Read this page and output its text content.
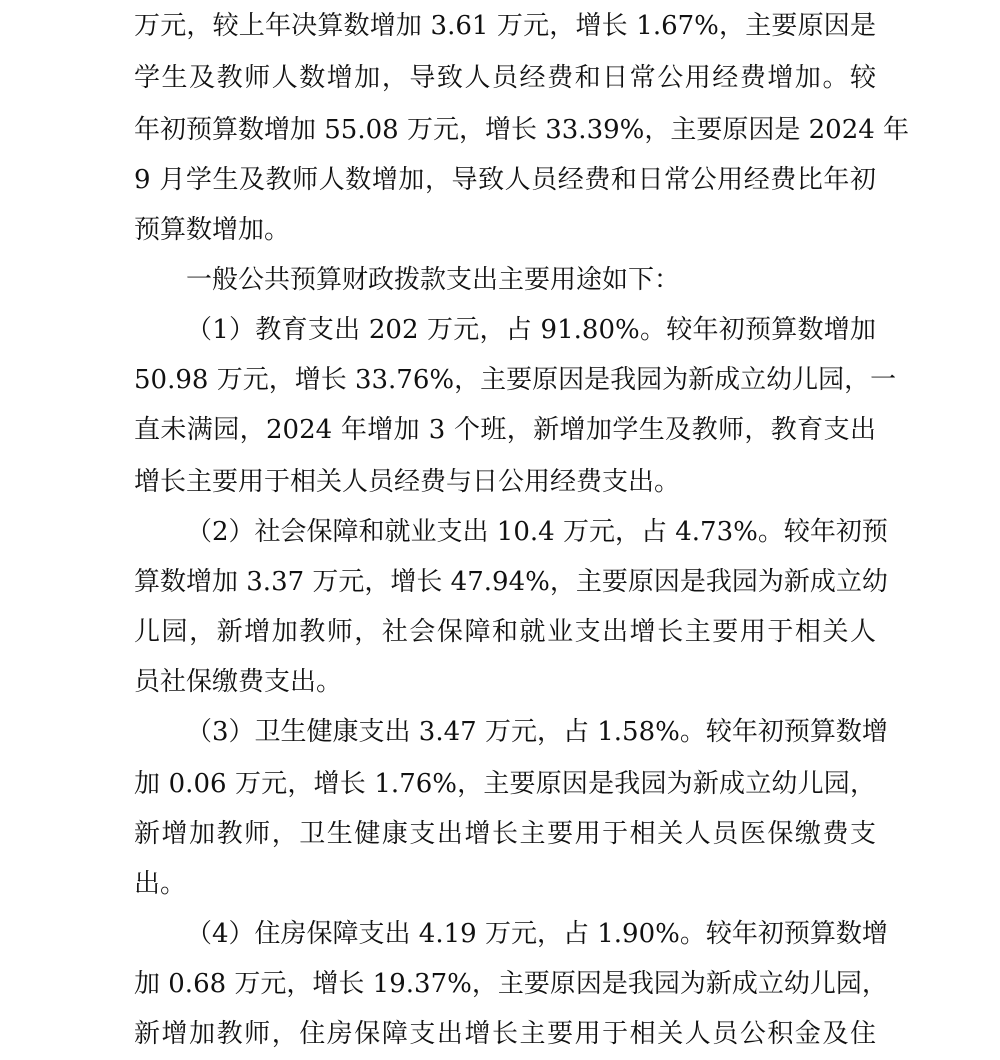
万元，较上年决算数增加 3.61 万元，增长 1.67%，主要原因是
学生及教师人数增加，导致人员经费和日常公用经费增加。较
年初预算数增加 55.08 万元，增长 33.39%，主要原因是 2024 年
9 月学生及教师人数增加，导致人员经费和日常公用经费比年初
预算数增加。
一般公共预算财政拨款支出主要用途如下：
（1）教育支出 202 万元，占 91.80%。较年初预算数增加
50.98 万元，增长 33.76%，主要原因是我园为新成立幼儿园，一
直未满园，2024 年增加 3 个班，新增加学生及教师，教育支出
增长主要用于相关人员经费与日公用经费支出。
（2）社会保障和就业支出 10.4 万元，占 4.73%。较年初预
算数增加 3.37 万元，增长 47.94%，主要原因是我园为新成立幼
儿园，新增加教师，社会保障和就业支出增长主要用于相关人
员社保缴费支出。
（3）卫生健康支出 3.47 万元，占 1.58%。较年初预算数增
加 0.06 万元，增长 1.76%，主要原因是我园为新成立幼儿园，
新增加教师，卫生健康支出增长主要用于相关人员医保缴费支
出。
（4）住房保障支出 4.19 万元，占 1.90%。较年初预算数增
加 0.68 万元，增长 19.37%，主要原因是我园为新成立幼儿园，
新增加教师，住房保障支出增长主要用于相关人员公积金及住
